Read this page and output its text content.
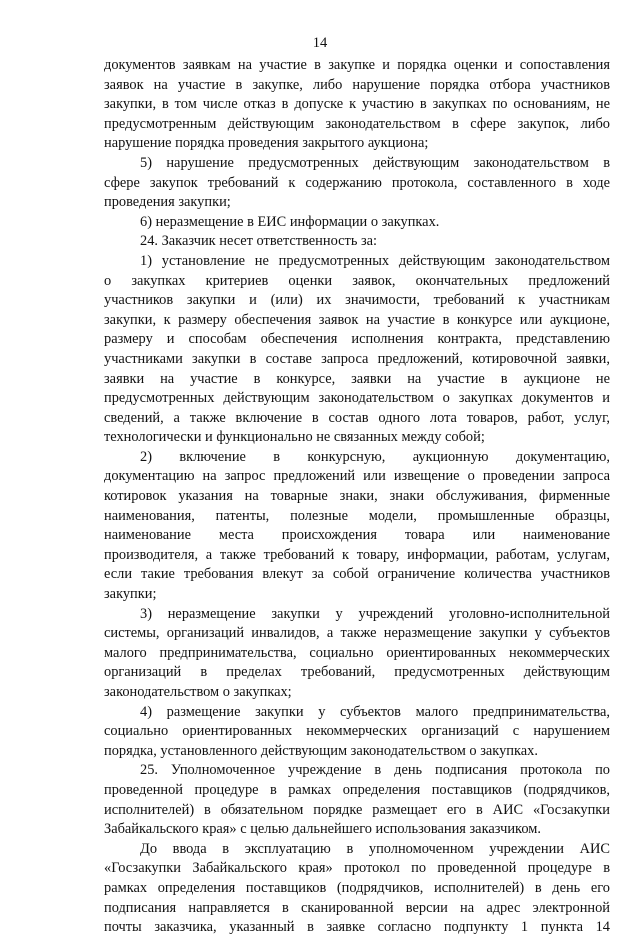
14
документов заявкам на участие в закупке и порядка оценки и сопоставления
заявок на участие в закупке, либо нарушение порядка отбора участников
закупки, в том числе отказ в допуске к участию в закупках по основаниям, не
предусмотренным действующим законодательством в сфере закупок, либо
нарушение порядка проведения закрытого аукциона;
5) нарушение предусмотренных действующим законодательством в
сфере закупок требований к содержанию протокола, составленного в ходе
проведения закупки;
6) неразмещение в ЕИС информации о закупках.
24. Заказчик несет ответственность за:
1) установление не предусмотренных действующим законодательством
о закупках критериев оценки заявок, окончательных предложений
участников закупки и (или) их значимости, требований к участникам
закупки, к размеру обеспечения заявок на участие в конкурсе или аукционе,
размеру и способам обеспечения исполнения контракта, представлению
участниками закупки в составе запроса предложений, котировочной заявки,
заявки на участие в конкурсе, заявки на участие в аукционе не
предусмотренных действующим законодательством о закупках документов и
сведений, а также включение в состав одного лота товаров, работ, услуг,
технологически и функционально не связанных между собой;
2) включение в конкурсную, аукционную документацию,
документацию на запрос предложений или извещение о проведении запроса
котировок указания на товарные знаки, знаки обслуживания, фирменные
наименования, патенты, полезные модели, промышленные образцы,
наименование места происхождения товара или наименование
производителя, а также требований к товару, информации, работам, услугам,
если такие требования влекут за собой ограничение количества участников
закупки;
3) неразмещение закупки у учреждений уголовно-исполнительной
системы, организаций инвалидов, а также неразмещение закупки у субъектов
малого предпринимательства, социально ориентированных некоммерческих
организаций в пределах требований, предусмотренных действующим
законодательством о закупках;
4) размещение закупки у субъектов малого предпринимательства,
социально ориентированных некоммерческих организаций с нарушением
порядка, установленного действующим законодательством о закупках.
25. Уполномоченное учреждение в день подписания протокола по
проведенной процедуре в рамках определения поставщиков (подрядчиков,
исполнителей) в обязательном порядке размещает его в АИС «Госзакупки
Забайкальского края» с целью дальнейшего использования заказчиком.
До ввода в эксплуатацию в уполномоченном учреждении АИС
«Госзакупки Забайкальского края» протокол по проведенной процедуре в
рамках определения поставщиков (подрядчиков, исполнителей) в день его
подписания направляется в сканированной версии на адрес электронной
почты заказчика, указанный в заявке согласно подпункту 1 пункта 14
